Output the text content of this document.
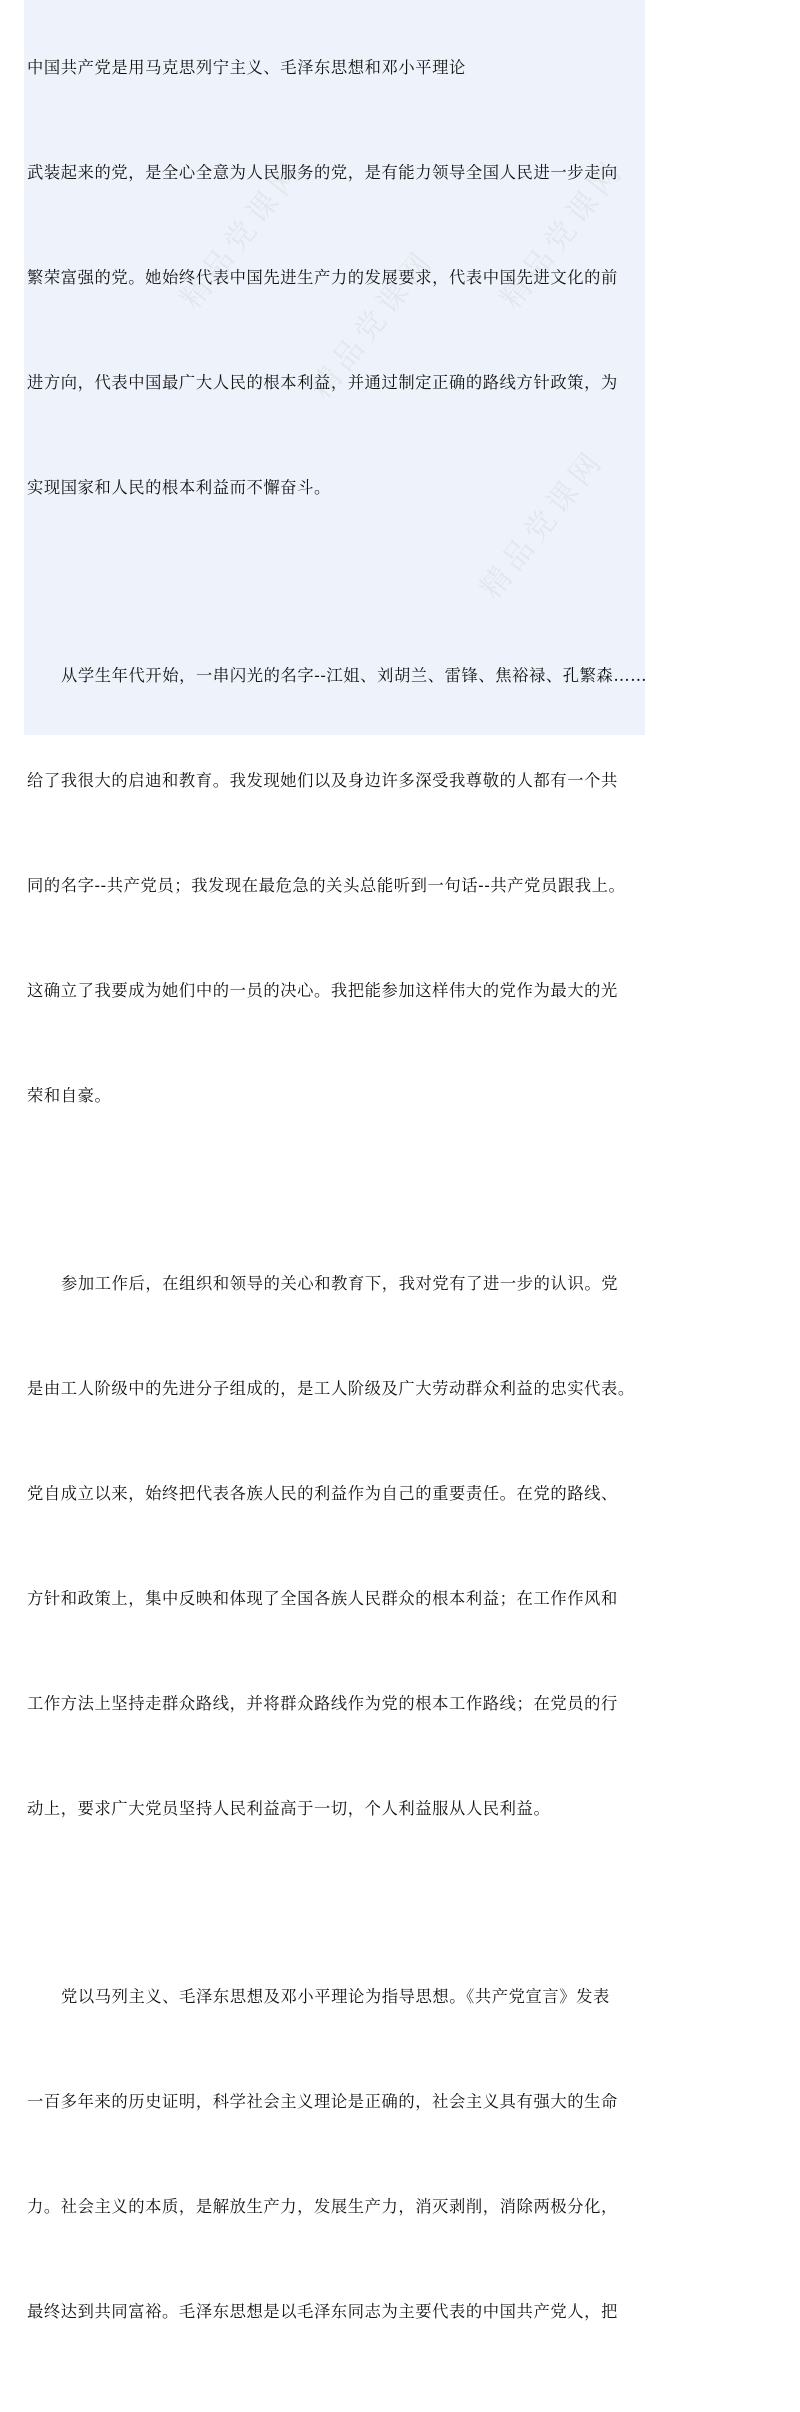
中国共产党是用马克思列宁主义、毛泽东思想和邓小平理论

武装起来的党，是全心全意为人民服务的党，是有能力领导全国人民进一步走向

繁荣富强的党。她始终代表中国先进生产力的发展要求，代表中国先进文化的前

进方向，代表中国最广大人民的根本利益，并通过制定正确的路线方针政策，为

实现国家和人民的根本利益而不懈奋斗。

从学生年代开始，一串闪光的名字--江姐、刘胡兰、雷锋、焦裕禄、孔繁森……

给了我很大的启迪和教育。我发现她们以及身边许多深受我尊敬的人都有一个共

同的名字--共产党员；我发现在最危急的关头总能听到一句话--共产党员跟我上。

这确立了我要成为她们中的一员的决心。我把能参加这样伟大的党作为最大的光

荣和自豪。

参加工作后，在组织和领导的关心和教育下，我对党有了进一步的认识。党

是由工人阶级中的先进分子组成的，是工人阶级及广大劳动群众利益的忠实代表。

党自成立以来，始终把代表各族人民的利益作为自己的重要责任。在党的路线、

方针和政策上，集中反映和体现了全国各族人民群众的根本利益；在工作作风和

工作方法上坚持走群众路线，并将群众路线作为党的根本工作路线；在党员的行

动上，要求广大党员坚持人民利益高于一切，个人利益服从人民利益。

党以马列主义、毛泽东思想及邓小平理论为指导思想。《共产党宣言》发表

一百多年来的历史证明，科学社会主义理论是正确的，社会主义具有强大的生命

力。社会主义的本质，是解放生产力，发展生产力，消灭剥削，消除两极分化，

最终达到共同富裕。毛泽东思想是以毛泽东同志为主要代表的中国共产党人，把
